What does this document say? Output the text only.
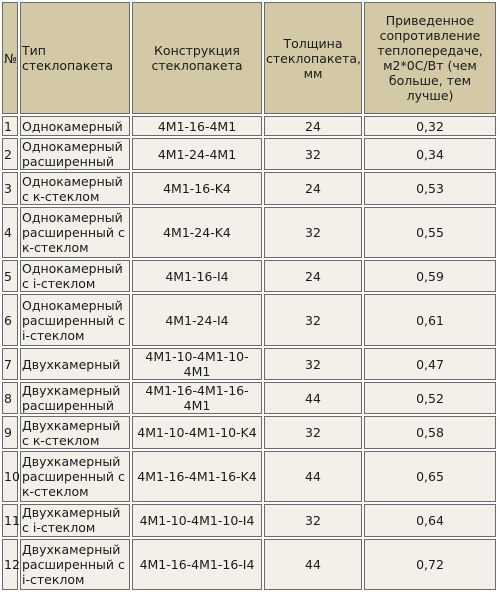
№	Тип стеклопакета	Конструкция стеклопакета	Толщина стеклопакета, мм	Приведенное сопротивление теплопередаче, м2*0С/Вт (чем больше, тем лучше)
1	Однокамерный	4M1-16-4M1	24	0,32
2	Однокамерный расширенный	4M1-24-4M1	32	0,34
3	Однокамерный с к-стеклом	4M1-16-K4	24	0,53
4	Однокамерный расширенный с к-стеклом	4M1-24-K4	32	0,55
5	Однокамерный с i-стеклом	4M1-16-I4	24	0,59
6	Однокамерный расширенный с i-стеклом	4M1-24-I4	32	0,61
7	Двухкамерный	4M1-10-4M1-10-4M1	32	0,47
8	Двухкамерный расширенный	4M1-16-4M1-16-4M1	44	0,52
9	Двухкамерный с к-стеклом	4M1-10-4M1-10-K4	32	0,58
10	Двухкамерный расширенный с к-стеклом	4M1-16-4M1-16-K4	44	0,65
11	Двухкамерный с i-стеклом	4M1-10-4M1-10-I4	32	0,64
12	Двухкамерный расширенный с i-стеклом	4M1-16-4M1-16-I4	44	0,72
